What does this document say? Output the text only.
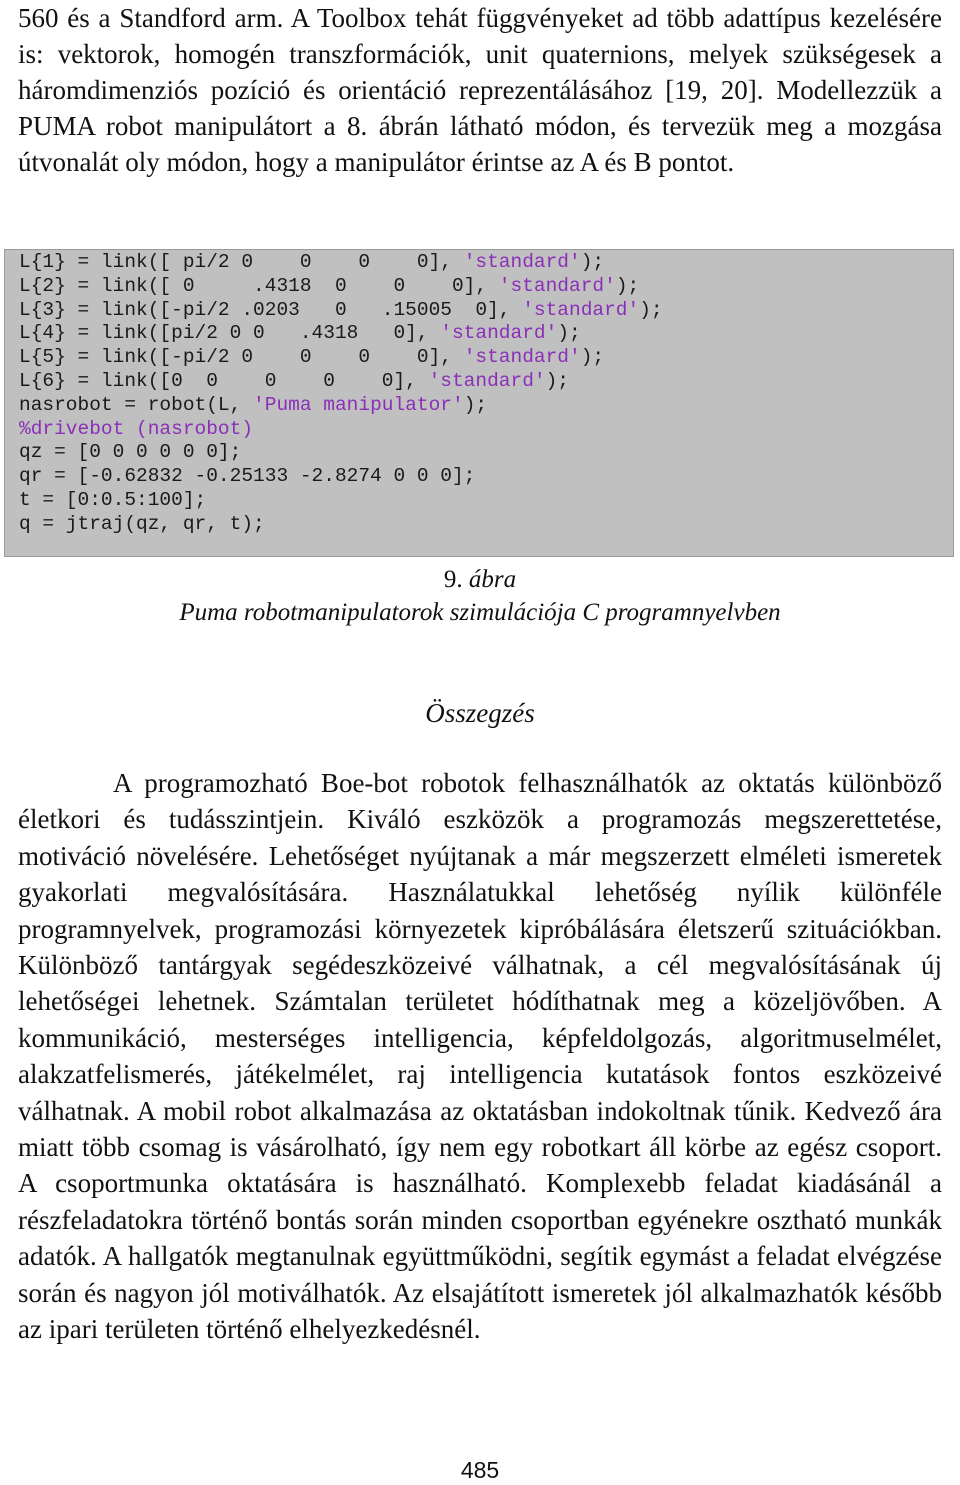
560 és a Standford arm. A Toolbox tehát függvényeket ad több adattípus kezelésére is: vektorok, homogén transzformációk, unit quaternions, melyek szükségesek a háromdimenziós pozíció és orientáció reprezentálásához [19, 20]. Modellezzük a PUMA robot manipulátort a 8. ábrán látható módon, és tervezük meg a mozgása útvonalát oly módon, hogy a manipulátor érintse az A és B pontot.

L{1} = link([ pi/2 0    0    0    0], 'standard');
L{2} = link([ 0     .4318  0    0    0], 'standard');
L{3} = link([-pi/2 .0203   0   .15005  0], 'standard');
L{4} = link([pi/2 0 0   .4318   0], 'standard');
L{5} = link([-pi/2 0    0    0    0], 'standard');
L{6} = link([0  0    0    0    0], 'standard');
nasrobot = robot(L, 'Puma manipulator');
%drivebot (nasrobot)
qz = [0 0 0 0 0 0];
qr = [-0.62832 -0.25133 -2.8274 0 0 0];
t = [0:0.5:100];
q = jtraj(qz, qr, t);
9. ábra
Puma robotmanipulatorok szimulációja C programnyelvben
Összegzés

A programozható Boe-bot robotok felhasználhatók az oktatás különböző életkori és tudásszintjein. Kiváló eszközök a programozás megszerettetése, motiváció növelésére. Lehetőséget nyújtanak a már megszerzett elméleti ismeretek gyakorlati megvalósítására. Használatukkal lehetőség nyílik különféle programnyelvek, programozási környezetek kipróbálására életszerű szituációkban. Különböző tantárgyak segédeszközeivé válhatnak, a cél megvalósításának új lehetőségei lehetnek. Számtalan területet hódíthatnak meg a közeljövőben. A kommunikáció, mesterséges intelligencia, képfeldolgozás, algoritmuselmélet, alakzatfelismerés, játékelmélet, raj intelligencia kutatások fontos eszközeivé válhatnak. A mobil robot alkalmazása az oktatásban indokoltnak tűnik. Kedvező ára miatt több csomag is vásárolható, így nem egy robotkart áll körbe az egész csoport. A csoportmunka oktatására is használható. Komplexebb feladat kiadásánál a részfeladatokra történő bontás során minden csoportban egyénekre osztható munkák adatók. A hallgatók megtanulnak együttműködni, segítik egymást a feladat elvégzése során és nagyon jól motiválhatók. Az elsajátított ismeretek jól alkalmazhatók később az ipari területen történő elhelyezkedésnél.

485
